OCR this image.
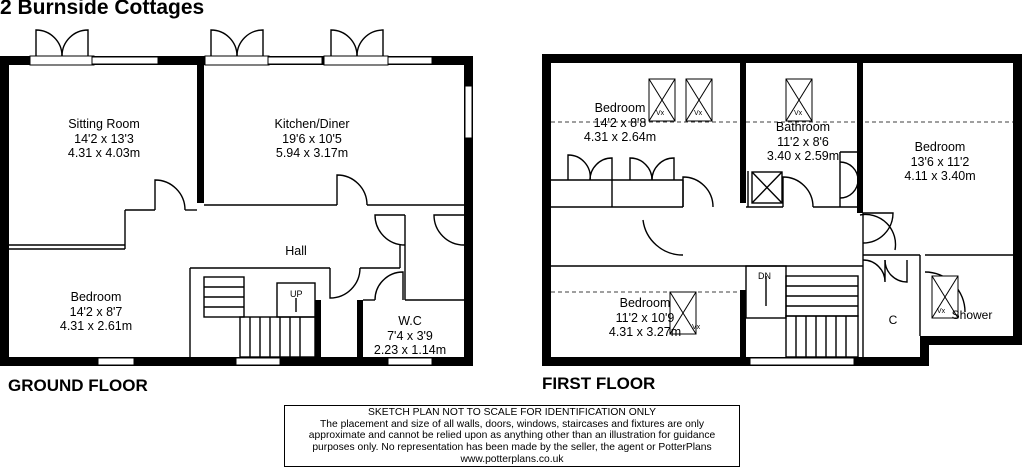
2 Burnside Cottages
Sitting Room
14'2 x 13'3
4.31 x 4.03m
Kitchen/Diner
19'6 x 10'5
5.94 x 3.17m
Hall
Bedroom
14'2 x 8'7
4.31 x 2.61m	W.C
7'4 x 3'9
2.23 x 1.14m
UP
Bedroom
14'2 x 8'8
4.31 x 2.64m
Bathroom
11'2 x 8'6
3.40 x 2.59m
Bedroom
13'6 x 11'2
4.11 x 3.40m
Bedroom
11'2 x 10'9
4.31 x 3.27m
C	Shower
DN
Vx	Vx	Vx
Vx
Vx
GROUND FLOOR	FIRST FLOOR
SKETCH PLAN NOT TO SCALE FOR IDENTIFICATION ONLY
The placement and size of all walls, doors, windows, staircases and fixtures are only
approximate and cannot be relied upon as anything other than an illustration for guidance
purposes only. No representation has been made by the seller, the agent or PotterPlans
www.potterplans.co.uk
